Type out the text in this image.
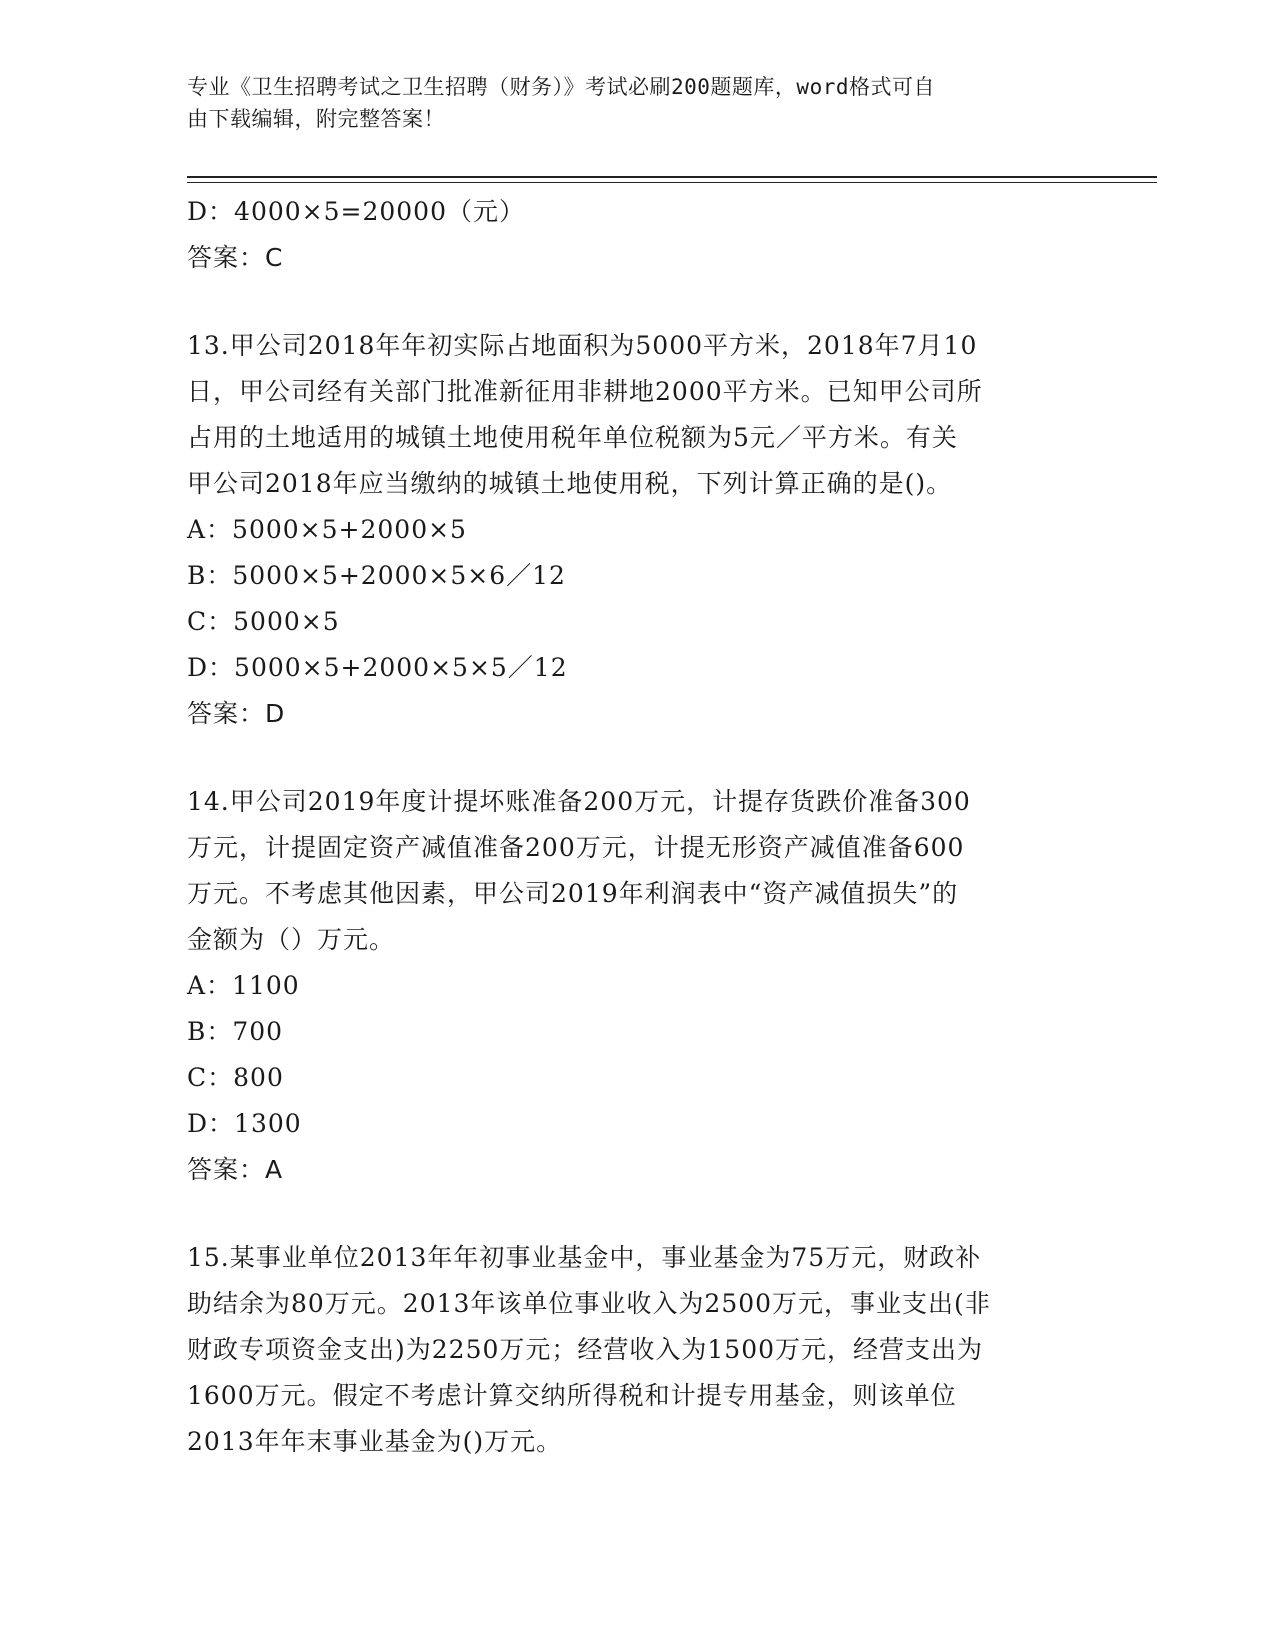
专业《卫生招聘考试之卫生招聘（财务）》考试必刷200题题库，word格式可自
由下载编辑，附完整答案！
D：4000×5=20000（元）
答案：C
13.甲公司2018年年初实际占地面积为5000平方米，2018年7月10
日，甲公司经有关部门批准新征用非耕地2000平方米。已知甲公司所
占用的土地适用的城镇土地使用税年单位税额为5元／平方米。有关
甲公司2018年应当缴纳的城镇土地使用税，下列计算正确的是()。
A：5000×5+2000×5
B：5000×5+2000×5×6／12
C：5000×5
D：5000×5+2000×5×5／12
答案：D
14.甲公司2019年度计提坏账准备200万元，计提存货跌价准备300
万元，计提固定资产减值准备200万元，计提无形资产减值准备600
万元。不考虑其他因素，甲公司2019年利润表中“资产减值损失”的
金额为（）万元。
A：1100
B：700
C：800
D：1300
答案：A
15.某事业单位2013年年初事业基金中，事业基金为75万元，财政补
助结余为80万元。2013年该单位事业收入为2500万元，事业支出(非
财政专项资金支出)为2250万元；经营收入为1500万元，经营支出为
1600万元。假定不考虑计算交纳所得税和计提专用基金，则该单位
2013年年末事业基金为()万元。
